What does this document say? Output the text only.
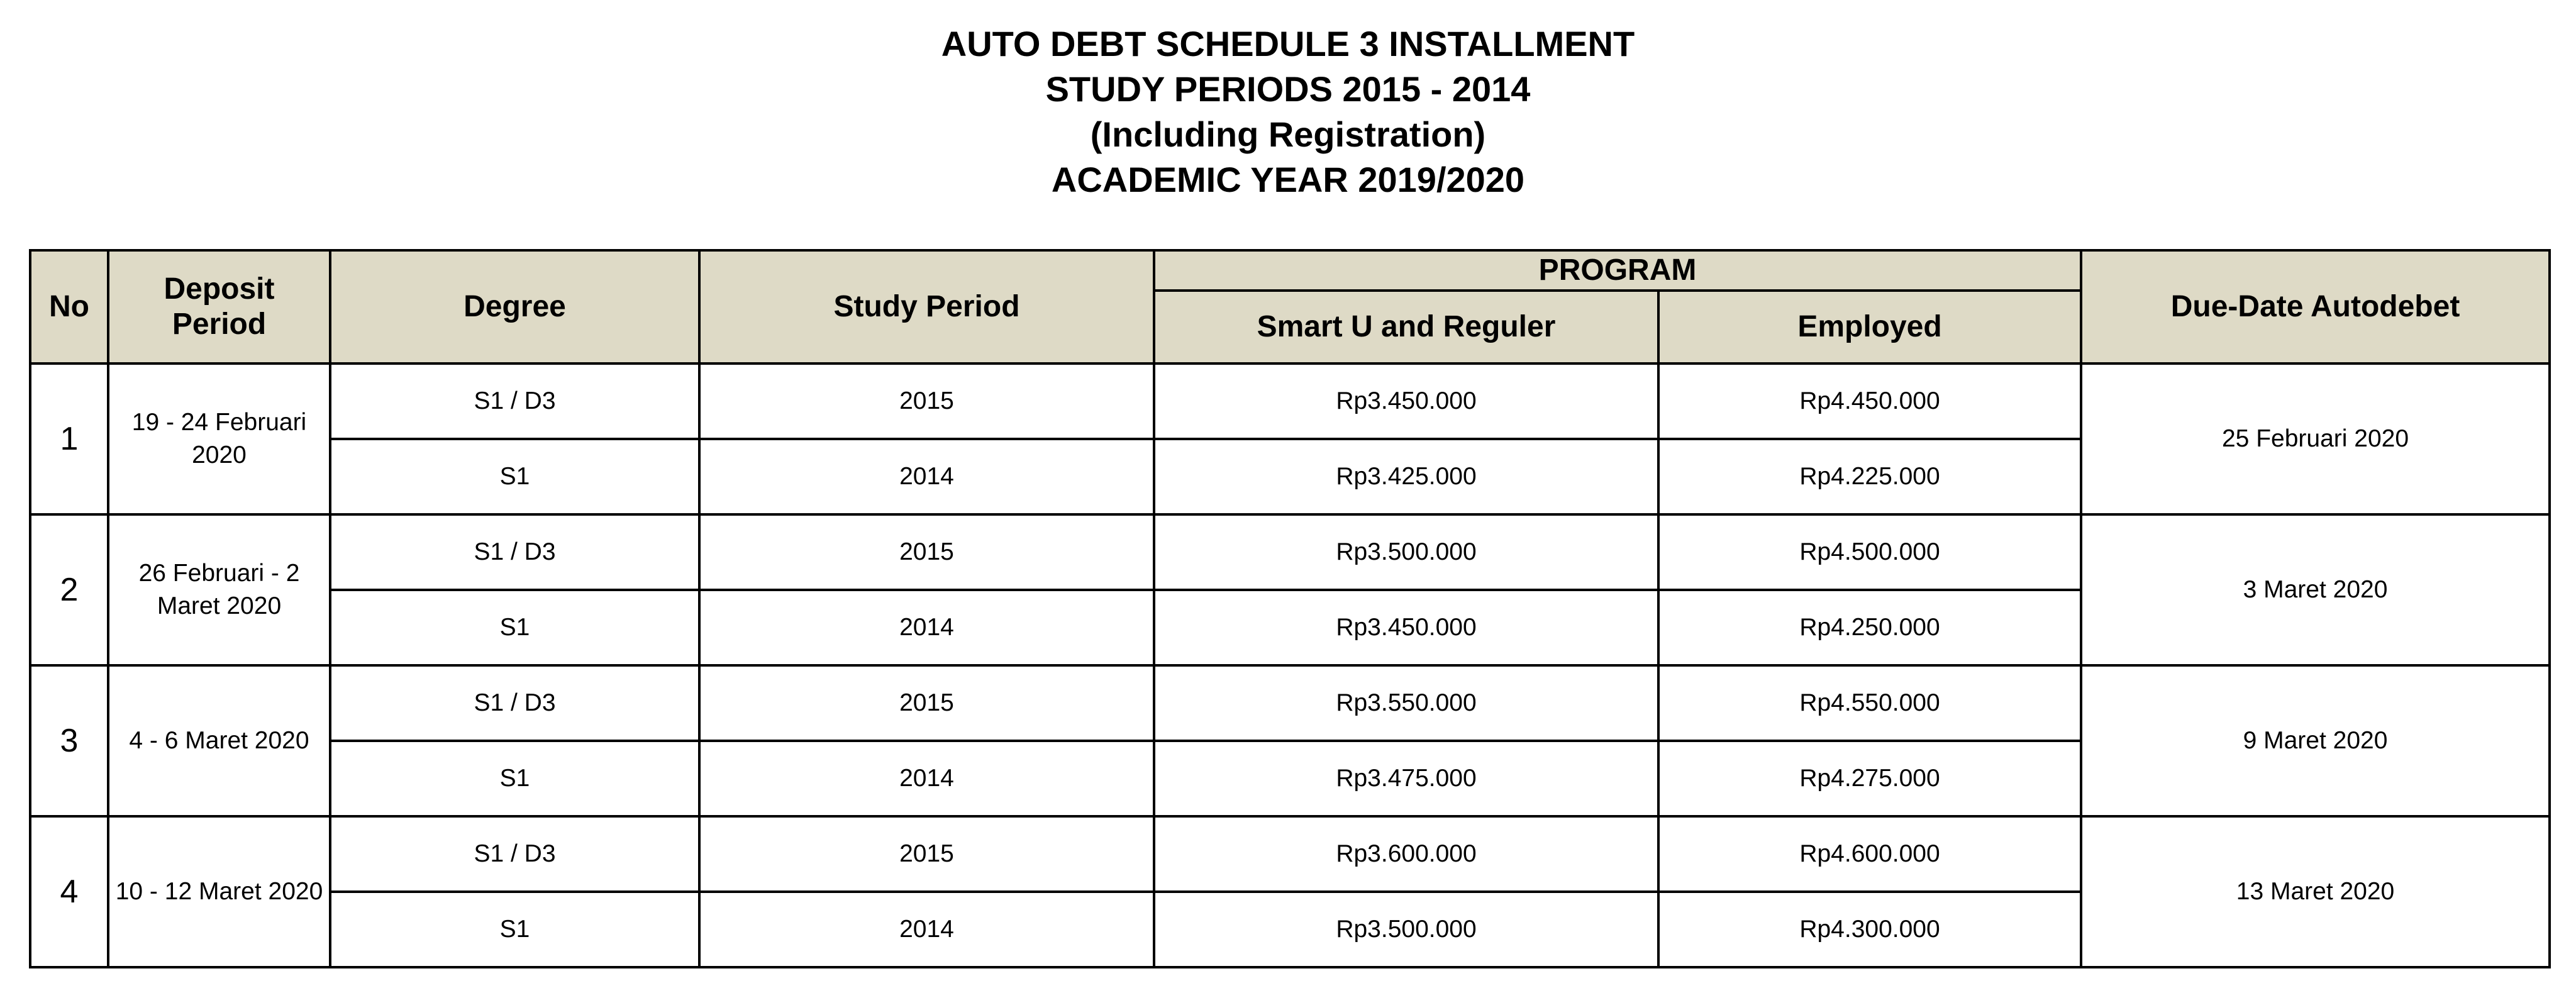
AUTO DEBT SCHEDULE 3 INSTALLMENT
STUDY PERIODS 2015 - 2014
(Including Registration)
ACADEMIC YEAR 2019/2020
No	Deposit Period	Degree	Study Period	PROGRAM		Due-Date Autodebet
				Smart U and Reguler	Employed	
1	19 - 24 Februari 2020	S1 / D3	2015	Rp3.450.000	Rp4.450.000	25 Februari 2020
		S1	2014	Rp3.425.000	Rp4.225.000	
2	26 Februari - 2 Maret 2020	S1 / D3	2015	Rp3.500.000	Rp4.500.000	3 Maret 2020
		S1	2014	Rp3.450.000	Rp4.250.000	
3	4 - 6 Maret 2020	S1 / D3	2015	Rp3.550.000	Rp4.550.000	9 Maret 2020
		S1	2014	Rp3.475.000	Rp4.275.000	
4	10 - 12 Maret 2020	S1 / D3	2015	Rp3.600.000	Rp4.600.000	13 Maret 2020
		S1	2014	Rp3.500.000	Rp4.300.000	
